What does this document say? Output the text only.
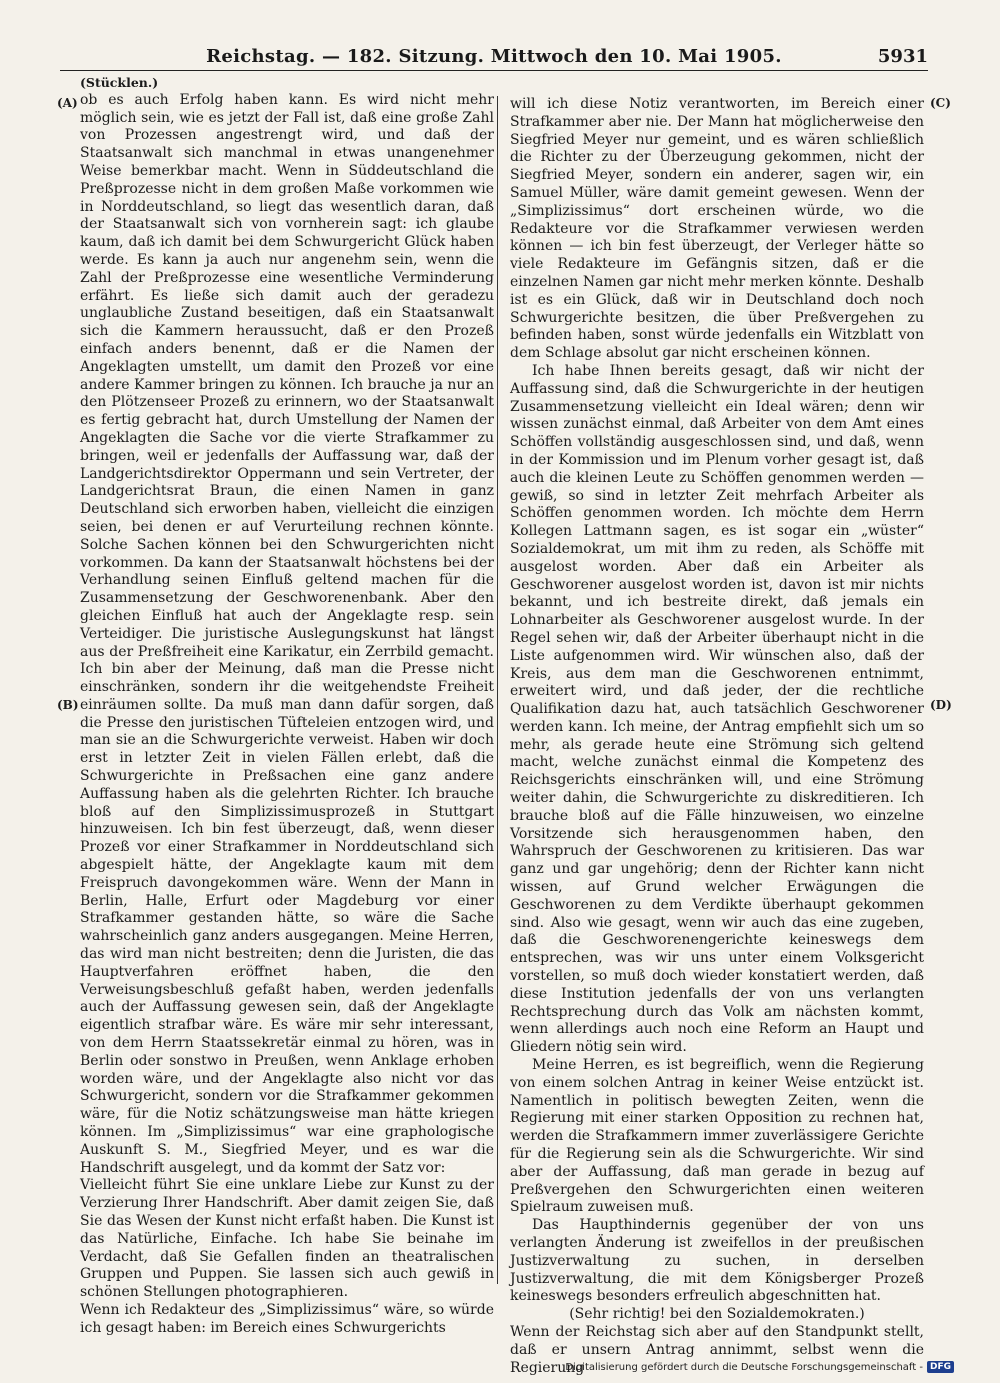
Reichstag. — 182. Sitzung. Mittwoch den 10. Mai 1905.	5931
(A)
(B)
(C)
(D)

(Stücklen.)

ob es auch Erfolg haben kann. Es wird nicht mehr möglich sein, wie es jetzt der Fall ist, daß eine große Zahl von Prozessen angestrengt wird, und daß der Staatsanwalt sich manchmal in etwas unangenehmer Weise bemerkbar macht. Wenn in Süddeutschland die Preßprozesse nicht in dem großen Maße vorkommen wie in Norddeutschland, so liegt das wesentlich daran, daß der Staatsanwalt sich von vornherein sagt: ich glaube kaum, daß ich damit bei dem Schwurgericht Glück haben werde. Es kann ja auch nur angenehm sein, wenn die Zahl der Preßprozesse eine wesentliche Verminderung erfährt. Es ließe sich damit auch der geradezu unglaubliche Zustand beseitigen, daß ein Staatsanwalt sich die Kammern heraussucht, daß er den Prozeß einfach anders benennt, daß er die Namen der Angeklagten umstellt, um damit den Prozeß vor eine andere Kammer bringen zu können. Ich brauche ja nur an den Plötzenseer Prozeß zu erinnern, wo der Staatsanwalt es fertig gebracht hat, durch Umstellung der Namen der Angeklagten die Sache vor die vierte Strafkammer zu bringen, weil er jedenfalls der Auffassung war, daß der Landgerichtsdirektor Oppermann und sein Vertreter, der Landgerichtsrat Braun, die einen Namen in ganz Deutschland sich erworben haben, vielleicht die einzigen seien, bei denen er auf Verurteilung rechnen könnte. Solche Sachen können bei den Schwurgerichten nicht vorkommen. Da kann der Staatsanwalt höchstens bei der Verhandlung seinen Einfluß geltend machen für die Zusammensetzung der Geschworenenbank. Aber den gleichen Einfluß hat auch der Angeklagte resp. sein Verteidiger. Die juristische Auslegungskunst hat längst aus der Preßfreiheit eine Karikatur, ein Zerrbild gemacht. Ich bin aber der Meinung, daß man die Presse nicht einschränken, sondern ihr die weitgehendste Freiheit einräumen sollte. Da muß man dann dafür sorgen, daß die Presse den juristischen Tüfteleien entzogen wird, und man sie an die Schwurgerichte verweist. Haben wir doch erst in letzter Zeit in vielen Fällen erlebt, daß die Schwurgerichte in Preßsachen eine ganz andere Auffassung haben als die gelehrten Richter. Ich brauche bloß auf den Simplizissimusprozeß in Stuttgart hinzuweisen. Ich bin fest überzeugt, daß, wenn dieser Prozeß vor einer Strafkammer in Norddeutschland sich abgespielt hätte, der Angeklagte kaum mit dem Freispruch davongekommen wäre. Wenn der Mann in Berlin, Halle, Erfurt oder Magdeburg vor einer Strafkammer gestanden hätte, so wäre die Sache wahrscheinlich ganz anders ausgegangen. Meine Herren, das wird man nicht bestreiten; denn die Juristen, die das Hauptverfahren eröffnet haben, die den Verweisungsbeschluß gefaßt haben, werden jedenfalls auch der Auffassung gewesen sein, daß der Angeklagte eigentlich strafbar wäre. Es wäre mir sehr interessant, von dem Herrn Staatssekretär einmal zu hören, was in Berlin oder sonstwo in Preußen, wenn Anklage erhoben worden wäre, und der Angeklagte also nicht vor das Schwurgericht, sondern vor die Strafkammer gekommen wäre, für die Notiz schätzungsweise man hätte kriegen können. Im „Simplizissimus“ war eine graphologische Auskunft S. M., Siegfried Meyer, und es war die Handschrift ausgelegt, und da kommt der Satz vor:

Vielleicht führt Sie eine unklare Liebe zur Kunst zu der Verzierung Ihrer Handschrift. Aber damit zeigen Sie, daß Sie das Wesen der Kunst nicht erfaßt haben. Die Kunst ist das Natürliche, Einfache. Ich habe Sie beinahe im Verdacht, daß Sie Gefallen finden an theatralischen Gruppen und Puppen. Sie lassen sich auch gewiß in schönen Stellungen photographieren.

Wenn ich Redakteur des „Simplizissimus“ wäre, so würde ich gesagt haben: im Bereich eines Schwurgerichts

will ich diese Notiz verantworten, im Bereich einer Strafkammer aber nie. Der Mann hat möglicherweise den Siegfried Meyer nur gemeint, und es wären schließlich die Richter zu der Überzeugung gekommen, nicht der Siegfried Meyer, sondern ein anderer, sagen wir, ein Samuel Müller, wäre damit gemeint gewesen. Wenn der „Simplizissimus“ dort erscheinen würde, wo die Redakteure vor die Strafkammer verwiesen werden können — ich bin fest überzeugt, der Verleger hätte so viele Redakteure im Gefängnis sitzen, daß er die einzelnen Namen gar nicht mehr merken könnte. Deshalb ist es ein Glück, daß wir in Deutschland doch noch Schwurgerichte besitzen, die über Preßvergehen zu befinden haben, sonst würde jedenfalls ein Witzblatt von dem Schlage absolut gar nicht erscheinen können.

Ich habe Ihnen bereits gesagt, daß wir nicht der Auffassung sind, daß die Schwurgerichte in der heutigen Zusammensetzung vielleicht ein Ideal wären; denn wir wissen zunächst einmal, daß Arbeiter von dem Amt eines Schöffen vollständig ausgeschlossen sind, und daß, wenn in der Kommission und im Plenum vorher gesagt ist, daß auch die kleinen Leute zu Schöffen genommen werden — gewiß, so sind in letzter Zeit mehrfach Arbeiter als Schöffen genommen worden. Ich möchte dem Herrn Kollegen Lattmann sagen, es ist sogar ein „wüster“ Sozialdemokrat, um mit ihm zu reden, als Schöffe mit ausgelost worden. Aber daß ein Arbeiter als Geschworener ausgelost worden ist, davon ist mir nichts bekannt, und ich bestreite direkt, daß jemals ein Lohnarbeiter als Geschworener ausgelost wurde. In der Regel sehen wir, daß der Arbeiter überhaupt nicht in die Liste aufgenommen wird. Wir wünschen also, daß der Kreis, aus dem man die Geschworenen entnimmt, erweitert wird, und daß jeder, der die rechtliche Qualifikation dazu hat, auch tatsächlich Geschworener werden kann. Ich meine, der Antrag empfiehlt sich um so mehr, als gerade heute eine Strömung sich geltend macht, welche zunächst einmal die Kompetenz des Reichsgerichts einschränken will, und eine Strömung weiter dahin, die Schwurgerichte zu diskreditieren. Ich brauche bloß auf die Fälle hinzuweisen, wo einzelne Vorsitzende sich herausgenommen haben, den Wahrspruch der Geschworenen zu kritisieren. Das war ganz und gar ungehörig; denn der Richter kann nicht wissen, auf Grund welcher Erwägungen die Geschworenen zu dem Verdikte überhaupt gekommen sind. Also wie gesagt, wenn wir auch das eine zugeben, daß die Geschworenengerichte keineswegs dem entsprechen, was wir uns unter einem Volksgericht vorstellen, so muß doch wieder konstatiert werden, daß diese Institution jedenfalls der von uns verlangten Rechtsprechung durch das Volk am nächsten kommt, wenn allerdings auch noch eine Reform an Haupt und Gliedern nötig sein wird.

Meine Herren, es ist begreiflich, wenn die Regierung von einem solchen Antrag in keiner Weise entzückt ist. Namentlich in politisch bewegten Zeiten, wenn die Regierung mit einer starken Opposition zu rechnen hat, werden die Strafkammern immer zuverlässigere Gerichte für die Regierung sein als die Schwurgerichte. Wir sind aber der Auffassung, daß man gerade in bezug auf Preßvergehen den Schwurgerichten einen weiteren Spielraum zuweisen muß.

Das Haupthindernis gegenüber der von uns verlangten Änderung ist zweifellos in der preußischen Justizverwaltung zu suchen, in derselben Justizverwaltung, die mit dem Königsberger Prozeß keineswegs besonders erfreulich abgeschnitten hat.

(Sehr richtig! bei den Sozialdemokraten.)

Wenn der Reichstag sich aber auf den Standpunkt stellt, daß er unsern Antrag annimmt, selbst wenn die Regierung

Digitalisierung gefördert durch die Deutsche Forschungsgemeinschaft - DFG
